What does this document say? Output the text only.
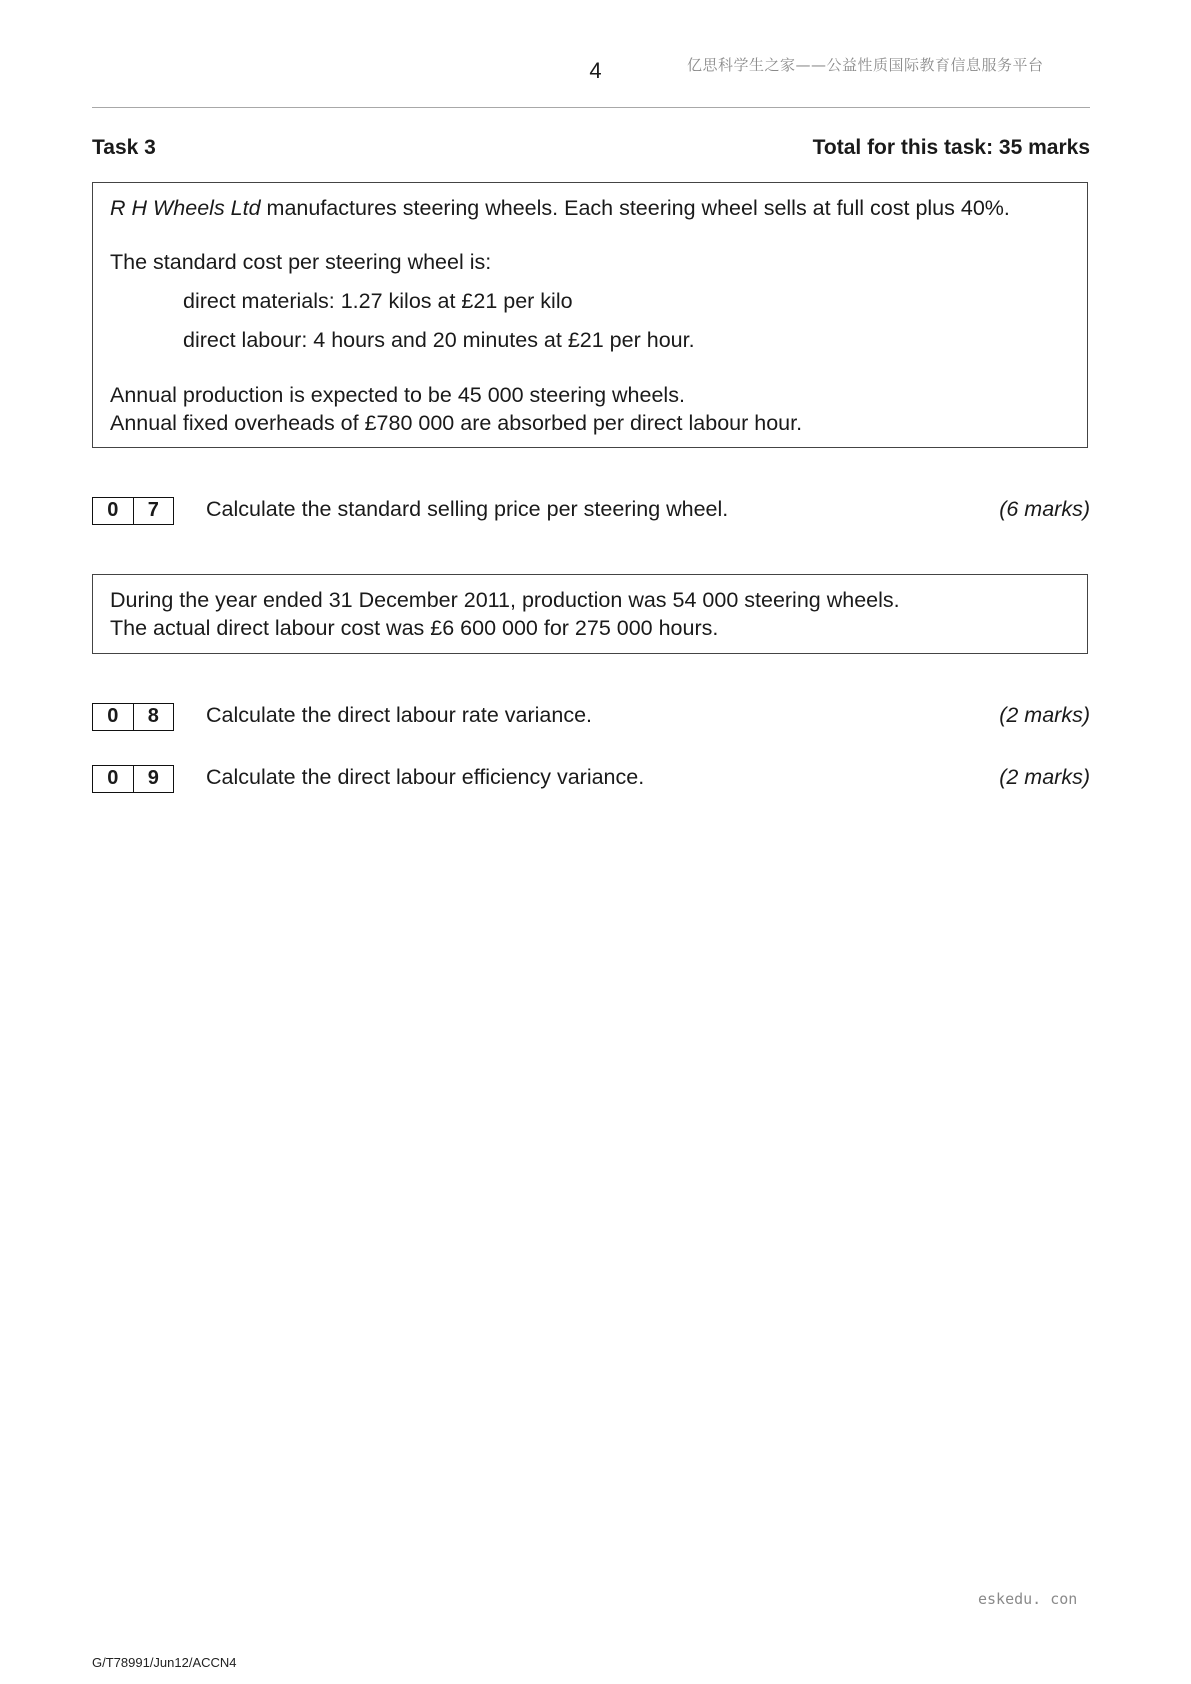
4	亿思科学生之家——公益性质国际教育信息服务平台
Task 3	Total for this task: 35 marks

R H Wheels Ltd manufactures steering wheels. Each steering wheel sells at full cost plus 40%.

The standard cost per steering wheel is:

direct materials: 1.27 kilos at £21 per kilo

direct labour: 4 hours and 20 minutes at £21 per hour.

Annual production is expected to be 45 000 steering wheels.

Annual fixed overheads of £780 000 are absorbed per direct labour hour.

0	7	Calculate the standard selling price per steering wheel.	(6 marks)

During the year ended 31 December 2011, production was 54 000 steering wheels.

The actual direct labour cost was £6 600 000 for 275 000 hours.

0	8	Calculate the direct labour rate variance.	(2 marks)
0	9	Calculate the direct labour efficiency variance.	(2 marks)
eskedu. con
G/T78991/Jun12/ACCN4
